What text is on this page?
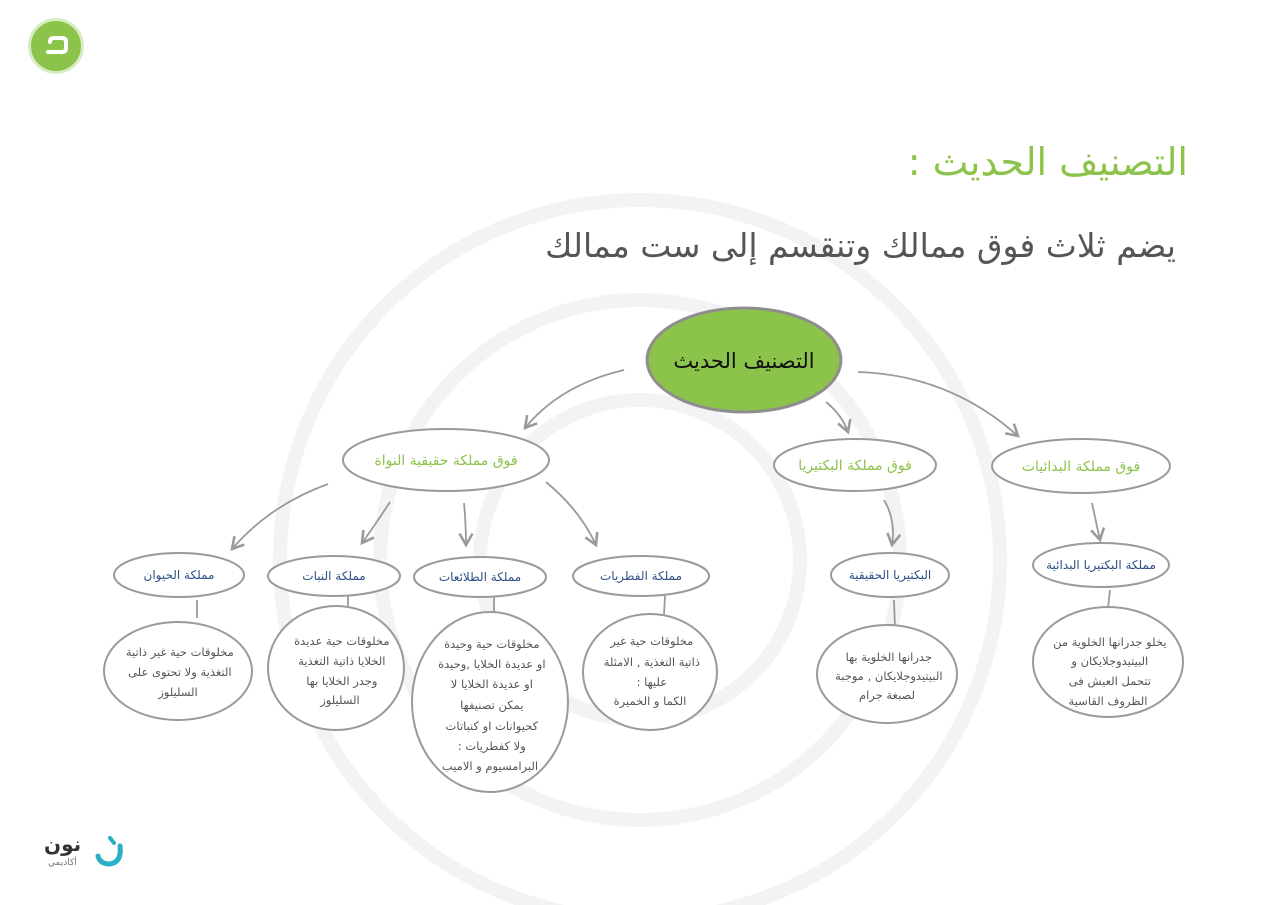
التصنيف الحديث :
يضم ثلاث فوق ممالك وتنقسم إلى ست ممالك
التصنيف الحديث
فوق مملكة البدائيات
فوق مملكة البكتيريا
فوق مملكة حقيقية النواة
مملكة البكتيريا البدائية
البكتيريا الحقيقية
مملكة الفطريات
مملكة الطلائعات
مملكة النبات
مملكة الحيوان
يخلو جدرانها الخلوية من البيتيدوجلايكان و تتحمل العيش فى الظروف القاسية
جدرانها الخلوية بها البيتيدوجلايكان , موجبة لصبغة جرام
مخلوقات حية غير ذاتية التغذية , الامثلة عليها : الكما و الخميرة
مخلوقات حية وحيدة او عديدة الخلايا ,وحيدة او عديدة الخلايا لا يمكن تصنيفها كحيوانات او كنباتات ولا كفطريات : البرامسيوم و الاميب
مخلوقات حية عديدة الخلايا ذاتية التغذية وجدر الخلايا بها السليلوز
مخلوقات حية غير ذاتية التغذية ولا تحتوى على السليلوز
نون
أكاديمي
